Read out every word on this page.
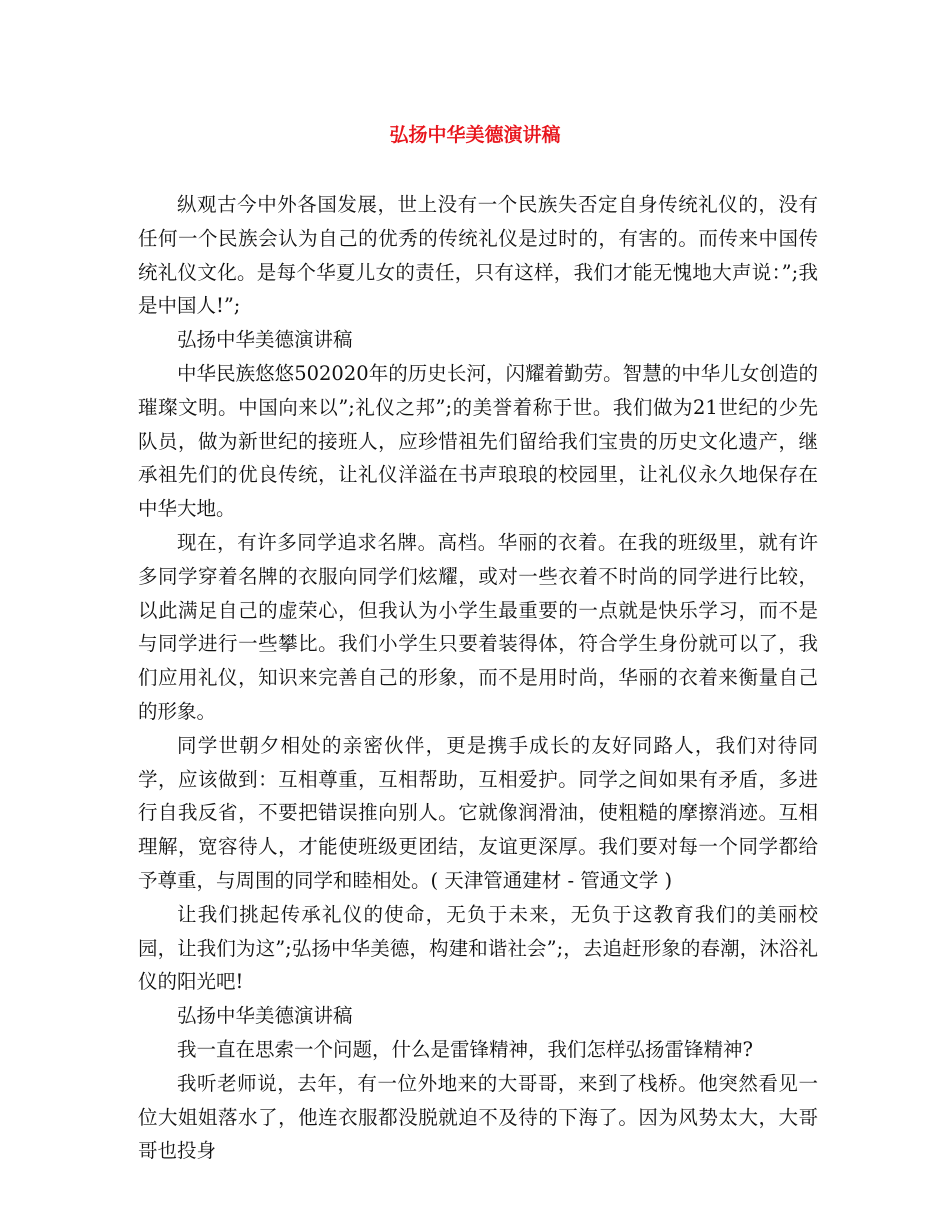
弘扬中华美德演讲稿

纵观古今中外各国发展，世上没有一个民族失否定自身传统礼仪的，没有任何一个民族会认为自己的优秀的传统礼仪是过时的，有害的。而传来中国传统礼仪文化。是每个华夏儿女的责任，只有这样，我们才能无愧地大声说：”;我是中国人!”;

弘扬中华美德演讲稿

中华民族悠悠502020年的历史长河，闪耀着勤劳。智慧的中华儿女创造的璀璨文明。中国向来以”;礼仪之邦”;的美誉着称于世。我们做为21世纪的少先队员，做为新世纪的接班人，应珍惜祖先们留给我们宝贵的历史文化遗产，继承祖先们的优良传统，让礼仪洋溢在书声琅琅的校园里，让礼仪永久地保存在中华大地。

现在，有许多同学追求名牌。高档。华丽的衣着。在我的班级里，就有许多同学穿着名牌的衣服向同学们炫耀，或对一些衣着不时尚的同学进行比较，以此满足自己的虚荣心，但我认为小学生最重要的一点就是快乐学习，而不是与同学进行一些攀比。我们小学生只要着装得体，符合学生身份就可以了，我们应用礼仪，知识来完善自己的形象，而不是用时尚，华丽的衣着来衡量自己的形象。

同学世朝夕相处的亲密伙伴，更是携手成长的友好同路人，我们对待同学，应该做到：互相尊重，互相帮助，互相爱护。同学之间如果有矛盾，多进行自我反省，不要把错误推向别人。它就像润滑油，使粗糙的摩擦消迹。互相理解，宽容待人，才能使班级更团结，友谊更深厚。我们要对每一个同学都给予尊重，与周围的同学和睦相处。( 天津管通建材 - 管通文学 )

让我们挑起传承礼仪的使命，无负于未来，无负于这教育我们的美丽校园，让我们为这”;弘扬中华美德，构建和谐社会”;，去追赶形象的春潮，沐浴礼仪的阳光吧!

弘扬中华美德演讲稿

我一直在思索一个问题，什么是雷锋精神，我们怎样弘扬雷锋精神?

我听老师说，去年，有一位外地来的大哥哥，来到了栈桥。他突然看见一位大姐姐落水了，他连衣服都没脱就迫不及待的下海了。因为风势太大，大哥哥也投身
